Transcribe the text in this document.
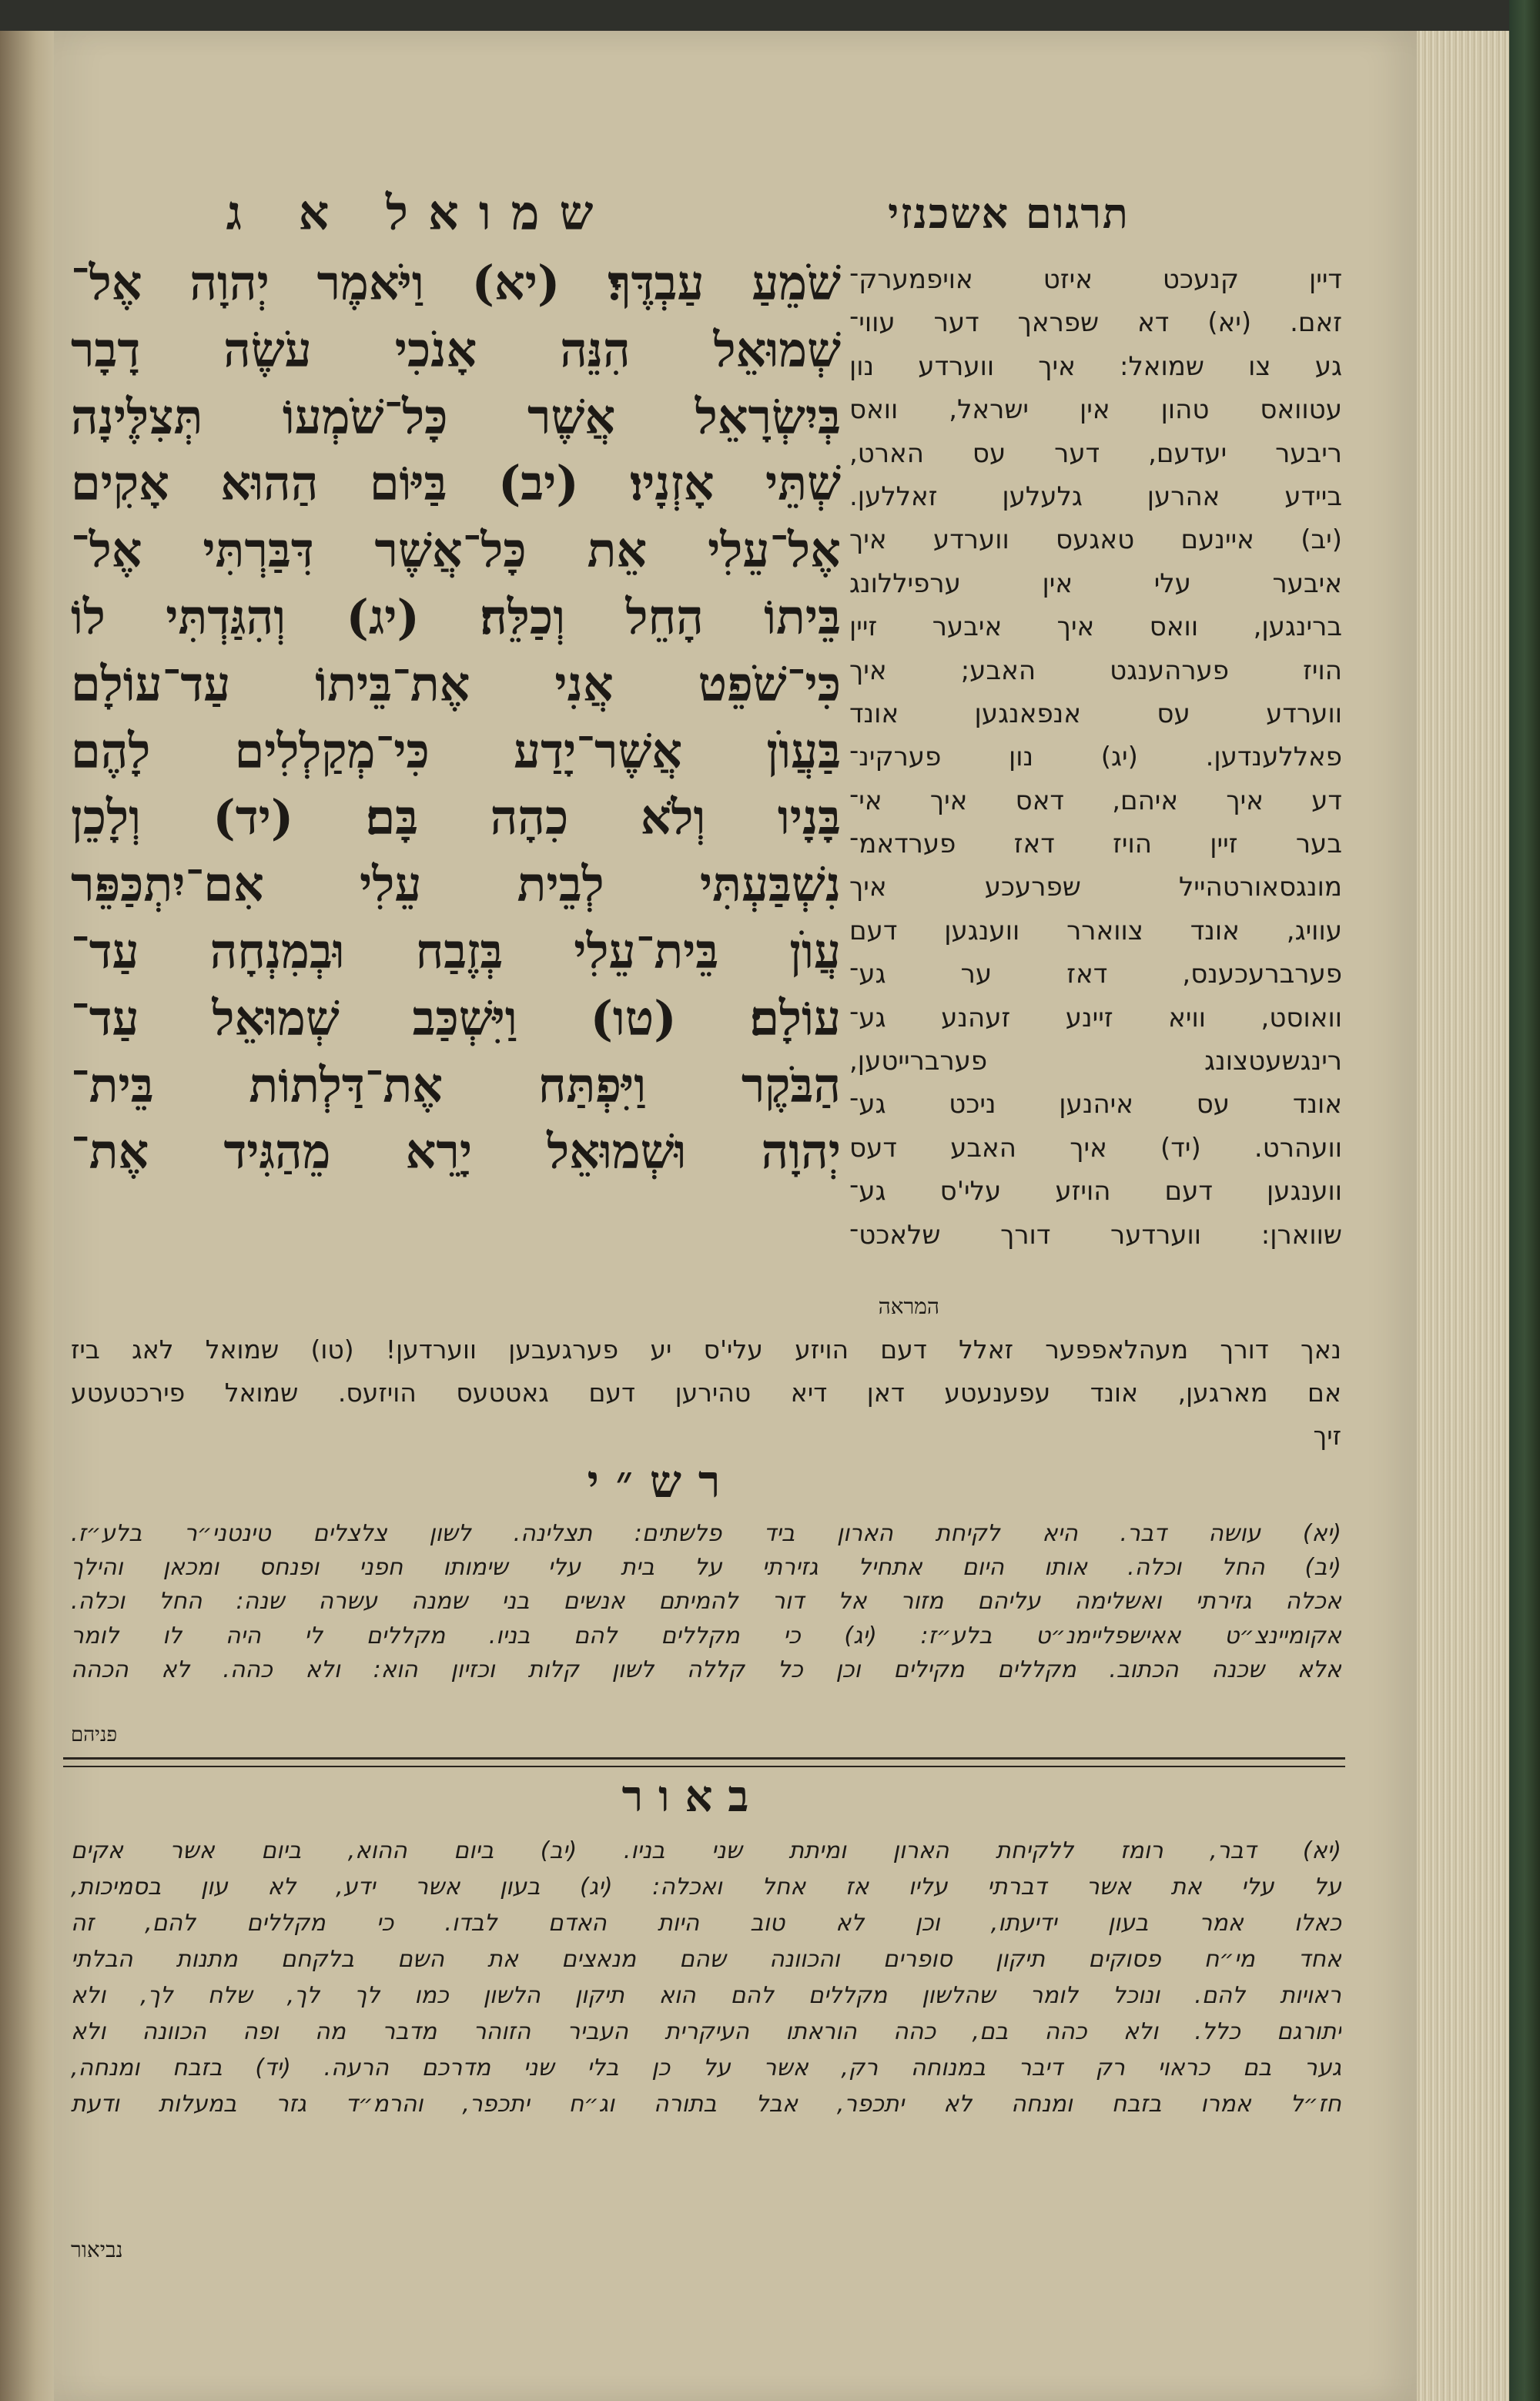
שמואל א ג	תרגום אשכנזי
שֹׁמֵעַ עַבְדֶּךָ׃ (יא) וַיֹּאמֶר יְהוָה אֶל־
שְׁמוּאֵל הִנֵּה אָנֹכִי עֹשֶׂה דָבָר
בְּיִשְׂרָאֵל אֲשֶׁר כָּל־שֹׁמְעוֹ תְּצִלֶּינָה
שְׁתֵּי אָזְנָיו׃ (יב) בַּיּוֹם הַהוּא אָקִים
אֶל־עֵלִי אֵת כָּל־אֲשֶׁר דִּבַּרְתִּי אֶל־
בֵּיתוֹ הָחֵל וְכַלֵּה׃ (יג) וְהִגַּדְתִּי לוֹ
כִּי־שֹׁפֵט אֲנִי אֶת־בֵּיתוֹ עַד־עוֹלָם
בַּעֲוֺן אֲשֶׁר־יָדַע כִּי־מְקַלְלִים לָהֶם
בָּנָיו וְלֹא כִהָה בָּם׃ (יד) וְלָכֵן
נִשְׁבַּעְתִּי לְבֵית עֵלִי אִם־יִתְכַּפֵּר
עֲוֺן בֵּית־עֵלִי בְּזֶבַח וּבְמִנְחָה עַד־
עוֹלָם׃ (טו) וַיִּשְׁכַּב שְׁמוּאֵל עַד־
הַבֹּקֶר וַיִּפְתַּח אֶת־דַּלְתוֹת בֵּית־
יְהוָה וּשְׁמוּאֵל יָרֵא מֵהַגִּיד אֶת־
דיין קנעכט איזט אויפמערק־
זאם. (יא) דא שפראך דער עווי־
גע צו שמואל: איך ווערדע נון
עטוואס טהון אין ישראל, וואס
ריבער יעדעם, דער עס הארט,
ביידע אהרען גלעלען זאללען.
(יב) איינעם טאגעס ווערדע איך
איבער עלי אין ערפיללונג
ברינגען, וואס איך איבער זיין
הויז פערהענגט האבע; איך
ווערדע עס אנפאנגען אונד
פאללענדען. (יג) נון פערקינ־
דע איך איהם, דאס איך אי־
בער זיין הויז דאז פערדאמ־
מונגסאורטהייל שפרעכע איך
עוויג, אונד צווארר ווענגען דעם
פערברעכענס, דאז ער גע־
וואוסט, וויא זיינע זעהנע גע־
רינגשעטצונג פערברייטען,
אונד עס איהנען ניכט גע־
וועהרט. (יד) איך האבע דעס
ווענגען דעם הויזע עלי'ס גע־
שווארן: ווערדער דורך שלאכט־
המראה
נאך דורך מעהלאפפער זאלל דעם הויזע עלי'ס יע פערגעבען ווערדען! (טו) שמואל לאג ביז
אם מארגען, אונד עפענעטע דאן דיא טהירען דעם גאטטעס הויזעס. שמואל פירכטעטע
זיך
רש״י
(יא) עושה דבר. היא לקיחת הארון ביד פלשתים: תצלינה. לשון צלצלים טינטני״ר בלע״ז.
(יב) החל וכלה. אותו היום אתחיל גזירתי על בית עלי שימותו חפני ופנחס ומכאן והילך
אכלה גזירתי ואשלימה עליהם מזור אל דור להמיתם אנשים בני שמנה עשרה שנה: החל וכלה.
אקומיינצ״ט אאישפליימנ״ט בלע״ז: (יג) כי מקללים להם בניו. מקללים לי היה לו לומר
אלא שכנה הכתוב. מקללים מקילים וכן כל קללה לשון קלות וכזיון הוא: ולא כהה. לא הכהה
פניהם
באור
(יא) דבר, רומז ללקיחת הארון ומיתת שני בניו. (יב) ביום ההוא, ביום אשר אקים
על עלי את אשר דברתי עליו אז אחל ואכלה: (יג) בעון אשר ידע, לא עון בסמיכות,
כאלו אמר בעון ידיעתו, וכן לא טוב היות האדם לבדו. כי מקללים להם, זה
אחד מי״ח פסוקים תיקון סופרים והכוונה שהם מנאצים את השם בלקחם מתנות הבלתי
ראויות להם. ונוכל לומר שהלשון מקללים להם הוא תיקון הלשון כמו לך לך, שלח לך, ולא
יתורגם כלל. ולא כהה בם, כהה הוראתו העיקרית העביר הזוהר מדבר מה ופה הכוונה ולא
גער בם כראוי רק דיבר במנוחה רק, אשר על כן בלי שני מדרכם הרעה. (יד) בזבח ומנחה,
חז״ל אמרו בזבח ומנחה לא יתכפר, אבל בתורה וג״ח יתכפר, והרמ״ד גזר במעלות ודעת
נביאור
